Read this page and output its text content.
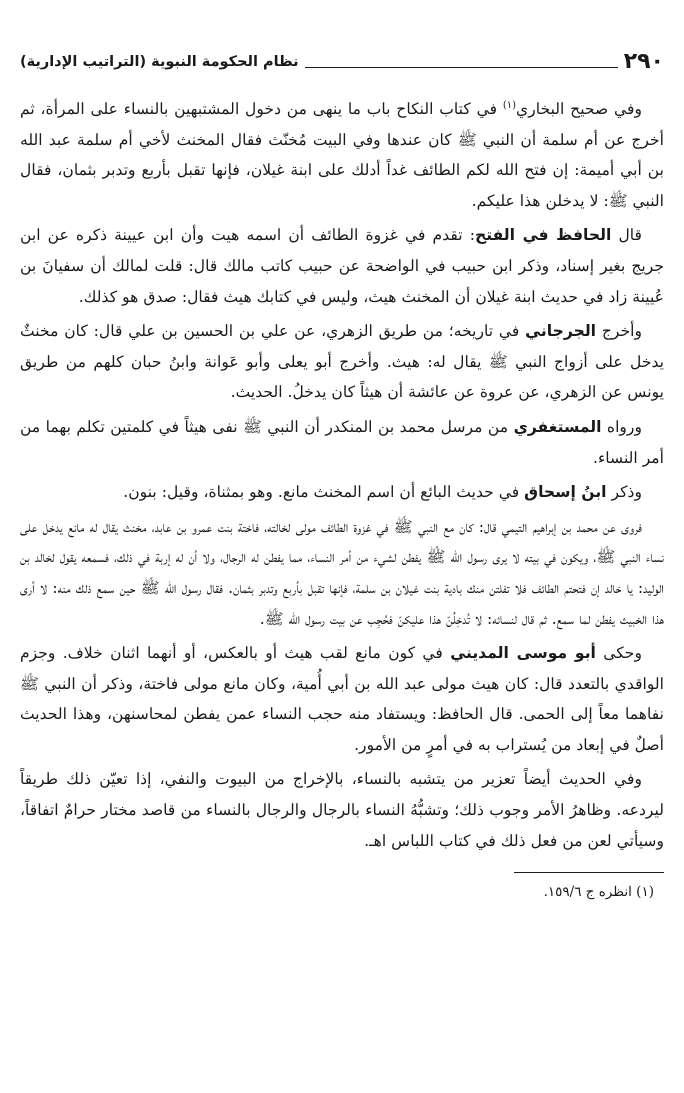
٢٩٠
نظام الحكومة النبوية (التراتيب الإدارية)

وفي صحيح البخاري$^{(١)}$ في كتاب النكاح باب ما ينهى من دخول المشتبهين بالنساء على المرأة، ثم أخرج عن أم سلمة أن النبي ﷺ كان عندها وفي البيت مُخنّث فقال المخنث لأخي أم سلمة عبد الله بن أبي أميمة: إن فتح الله لكم الطائف غداً أدلك على ابنة غيلان، فإنها تقبل بأربع وتدبر بثمان، فقال النبي ﷺ: لا يدخلن هذا عليكم.

قال الحافظ في الفتح: تقدم في غزوة الطائف أن اسمه هيت وأن ابن عيينة ذكره عن ابن جريج بغير إسناد، وذكر ابن حبيب في الواضحة عن حبيب كاتب مالك قال: قلت لمالك أن سفيانَ بن عُيينة زاد في حديث ابنة غيلان أن المخنث هيث، وليس في كتابك هيث فقال: صدق هو كذلك.

وأخرج الجرجاني في تاريخه؛ من طريق الزهري، عن علي بن الحسين بن علي قال: كان مخنثٌ يدخل على أزواج النبي ﷺ يقال له: هيث. وأخرج أبو يعلى وأبو عَوانة وابنُ حبان كلهم من طريق يونس عن الزهري، عن عروة عن عائشة أن هيثاً كان يدخلُ. الحديث.

ورواه المستغفري من مرسل محمد بن المنكدر أن النبي ﷺ نفى هيثاً في كلمتين تكلم بهما من أمر النساء.

وذكر ابنُ إسحاق في حديث البائع أن اسم المخنث مانع. وهو بمثناة، وقيل: بنون.

فروى عن محمد بن إبراهيم التيمي قال: كان مع النبي ﷺ في غزوة الطائف مولى لخالته، فاختة بنت عمرو بن عابد، مخنث يقال له مانع يدخل على نساء النبي ﷺ، ويكون في بيته لا يرى رسول الله ﷺ يفطن لشيء من أمر النساء، مما يفطن له الرجال، ولا أن له إربة في ذلك، فسمعه يقول لخالد بن الوليد: يا خالد إن فتحتم الطائف فلا تفلتن منك بادية بنت غيلان بن سلمة، فإنها تقبل بأربع وتدبر بثمان. فقال رسول الله ﷺ حين سمع ذلك منه: لا أرى هذا الخبيث يفطن لما سمع. ثم قال لنسائه: لا تُدخِلُنّ هذا عليكنّ فحُجِب عن بيت رسول الله ﷺ.

وحكى أبو موسى المديني في كون مانع لقب هيث أو بالعكس، أو أنهما اثنان خلاف. وجزم الواقدي بالتعدد قال: كان هيث مولى عبد الله بن أبي أُمية، وكان مانع مولى فاختة، وذكر أن النبي ﷺ نفاهما معاً إلى الحمى. قال الحافظ: ويستفاد منه حجب النساء عمن يفطن لمحاسنهن، وهذا الحديث أصلٌ في إبعاد من يُستراب به في أمرٍ من الأمور.

وفي الحديث أيضاً تعزير من يتشبه بالنساء، بالإخراج من البيوت والنفي، إذا تعيّن ذلك طريقاً ليردعه. وظاهرُ الأمر وجوب ذلك؛ وتشبُّهُ النساء بالرجال والرجال بالنساء من قاصد مختار حرامٌ اتفاقاً، وسيأتي لعن من فعل ذلك في كتاب اللباس اهـ.

(١) انظره ج ١٥٩/٦.
